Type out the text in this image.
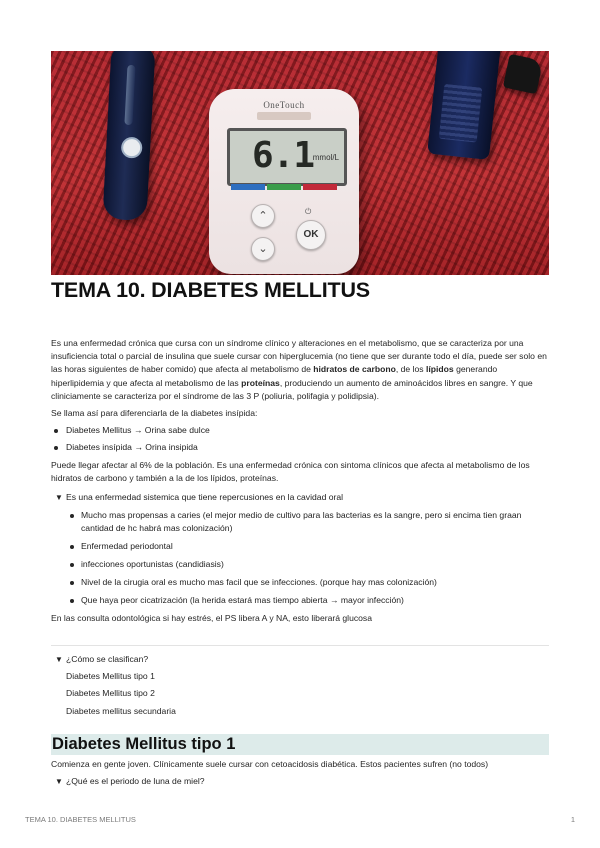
OneTouch
6.1
mmol/L
⌃
⌄
⏻
OK
TEMA 10. DIABETES MELLITUS

Es una enfermedad crónica que cursa con un síndrome clínico y alteraciones en el metabolismo, que se caracteriza por una insuficiencia total o parcial de insulina que suele cursar con hiperglucemia (no tiene que ser durante todo el día, puede ser solo en las horas siguientes de haber comido) que afecta al metabolismo de hidratos de carbono, de los lípidos generando hiperlipidemia y que afecta al metabolismo de las proteínas, produciendo un aumento de aminoácidos libres en sangre. Y que cliniciamente se caracteriza por el síndrome de las 3 P (poliuria, polifagia y polidipsia).

Se llama así para diferenciarla de la diabetes insípida:

Diabetes Mellitus → Orina sabe dulce
Diabetes insípida → Orina insipida

Puede llegar afectar al 6% de la población. Es una enfermedad crónica con sintoma clínicos que afecta al metabolismo de los hidratos de carbono y también a la de los lípidos, proteínas.

▼ Es una enfermedad sistemica que tiene repercusiones en la cavidad oral
Mucho mas propensas a caries (el mejor medio de cultivo para las bacterias es la sangre, pero si encima tien graan cantidad de hc habrá mas colonización)
Enfermedad periodontal
infecciones oportunistas (candidiasis)
Nivel de la cirugia oral es mucho mas facil que se infecciones. (porque hay mas colonización)
Que haya peor cicatrización (la herida estará mas tiempo abierta → mayor infección)

En las consulta odontológica si hay estrés, el PS libera A y NA, esto liberará glucosa

▼ ¿Cómo se clasifican?
Diabetes Mellitus tipo 1
Diabetes Mellitus tipo 2
Diabetes mellitus secundaria
Diabetes Mellitus tipo 1

Comienza en gente joven. Clínicamente suele cursar con cetoacidosis diabética. Estos pacientes sufren (no todos)

▼ ¿Qué es el periodo de luna de miel?
TEMA 10. DIABETES MELLITUS	1
